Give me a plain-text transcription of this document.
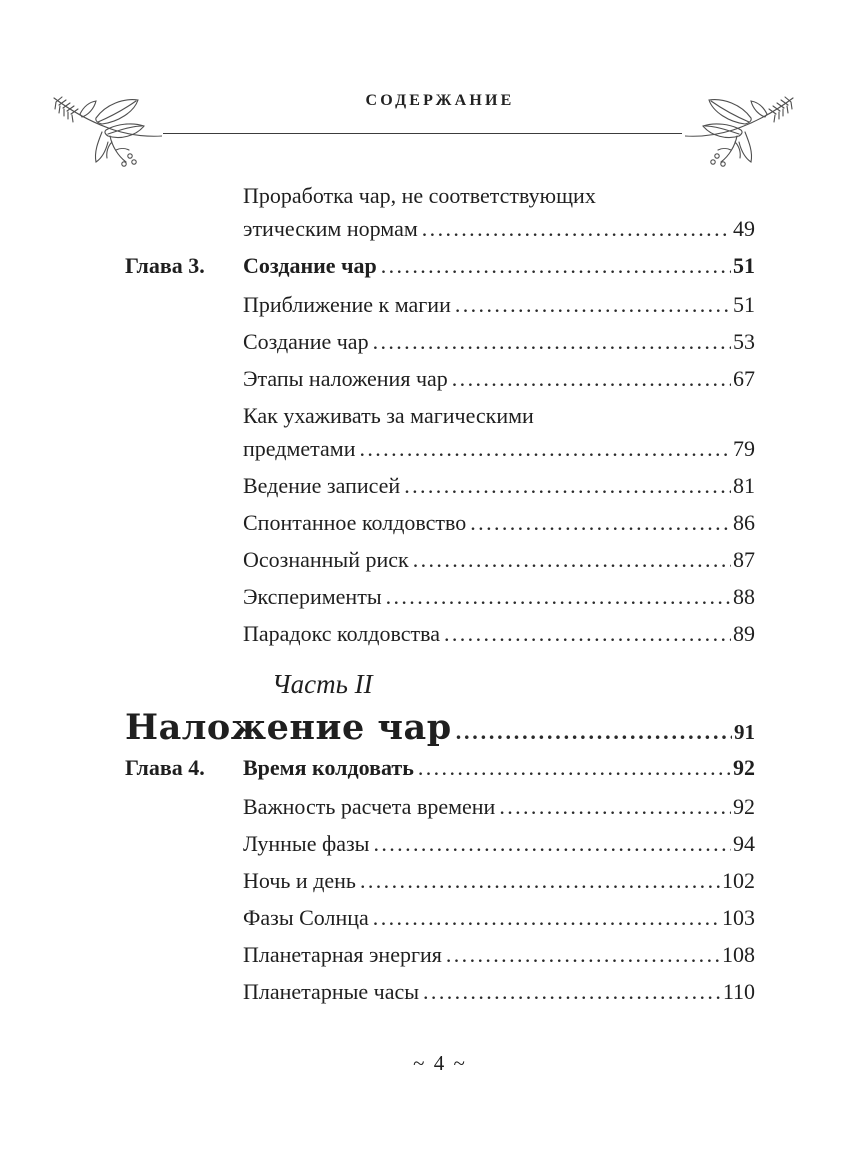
СОДЕРЖАНИЕ
Проработка чар, не соответствующих
этическим нормам .....	49
Глава 3.	Создание чар .....	51
Приближение к магии .....	51
Создание чар .....	53
Этапы наложения чар .....	67
Как ухаживать за магическими
предметами .....	79
Ведение записей .....	81
Спонтанное колдовство .....	86
Осознанный риск .....	87
Эксперименты .....	88
Парадокс колдовства .....	89
Часть II
Наложение чар .....	91
Глава 4.	Время колдовать .....	92
Важность расчета времени .....	92
Лунные фазы .....	94
Ночь и день .....	102
Фазы Солнца .....	103
Планетарная энергия .....	108
Планетарные часы .....	110
~ 4 ~
